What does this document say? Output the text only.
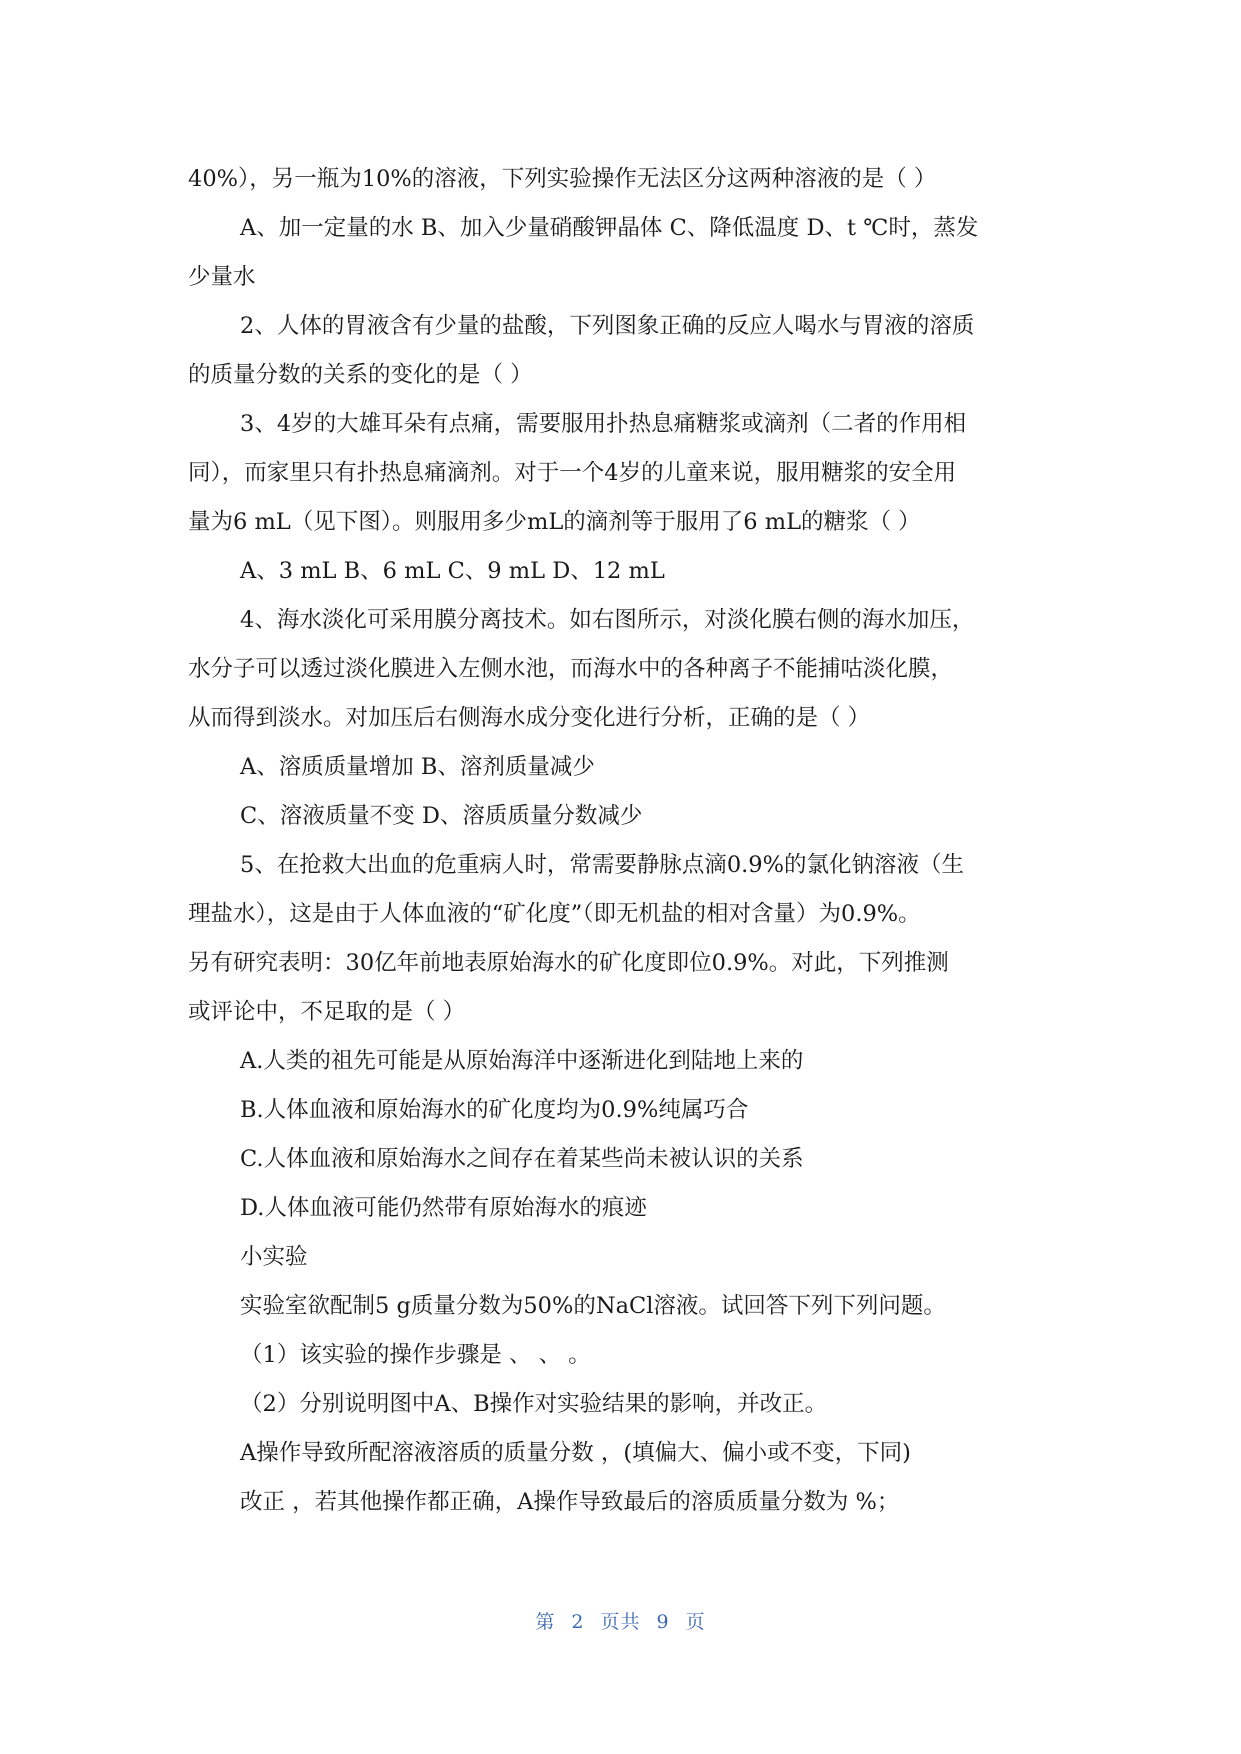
40%），另一瓶为10%的溶液，下列实验操作无法区分这两种溶液的是（ ）
A、加一定量的水 B、加入少量硝酸钾晶体 C、降低温度 D、t ℃时，蒸发
少量水
2、人体的胃液含有少量的盐酸，下列图象正确的反应人喝水与胃液的溶质
的质量分数的关系的变化的是（ ）
3、4岁的大雄耳朵有点痛，需要服用扑热息痛糖浆或滴剂（二者的作用相
同），而家里只有扑热息痛滴剂。对于一个4岁的儿童来说，服用糖浆的安全用
量为6 mL（见下图）。则服用多少mL的滴剂等于服用了6 mL的糖浆（ ）
A、3 mL B、6 mL C、9 mL D、12 mL
4、海水淡化可采用膜分离技术。如右图所示，对淡化膜右侧的海水加压，
水分子可以透过淡化膜进入左侧水池，而海水中的各种离子不能捕咕淡化膜，
从而得到淡水。对加压后右侧海水成分变化进行分析，正确的是（ ）
A、溶质质量增加 B、溶剂质量减少
C、溶液质量不变 D、溶质质量分数减少
5、在抢救大出血的危重病人时，常需要静脉点滴0.9%的氯化钠溶液（生
理盐水），这是由于人体血液的“矿化度”（即无机盐的相对含量）为0.9%。
另有研究表明：30亿年前地表原始海水的矿化度即位0.9%。对此，下列推测
或评论中，不足取的是（ ）
A.人类的祖先可能是从原始海洋中逐渐进化到陆地上来的
B.人体血液和原始海水的矿化度均为0.9%纯属巧合
C.人体血液和原始海水之间存在着某些尚未被认识的关系
D.人体血液可能仍然带有原始海水的痕迹
小实验
实验室欲配制5 g质量分数为50%的NaCl溶液。试回答下列下列问题。
（1）该实验的操作步骤是 、 、 。
（2）分别说明图中A、B操作对实验结果的影响，并改正。
A操作导致所配溶液溶质的质量分数 ，(填偏大、偏小或不变，下同)
改正 ，若其他操作都正确，A操作导致最后的溶质质量分数为 %；
第 2 页共 9 页
